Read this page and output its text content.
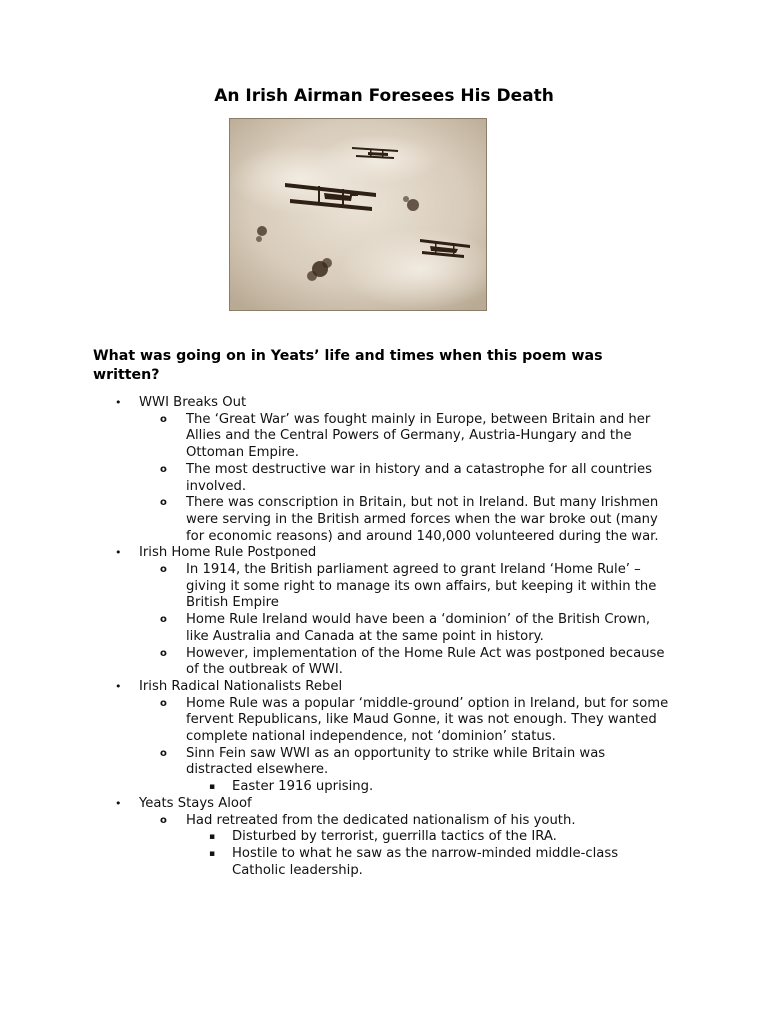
An Irish Airman Foresees His Death
What was going on in Yeats’ life and times when this poem was written?
• WWI Breaks Out
o The ‘Great War’ was fought mainly in Europe, between Britain and her Allies and the Central Powers of Germany, Austria-Hungary and the Ottoman Empire.
o The most destructive war in history and a catastrophe for all countries involved.
o There was conscription in Britain, but not in Ireland. But many Irishmen were serving in the British armed forces when the war broke out (many for economic reasons) and around 140,000 volunteered during the war.
• Irish Home Rule Postponed
o In 1914, the British parliament agreed to grant Ireland ‘Home Rule’ – giving it some right to manage its own affairs, but keeping it within the British Empire
o Home Rule Ireland would have been a ‘dominion’ of the British Crown, like Australia and Canada at the same point in history.
o However, implementation of the Home Rule Act was postponed because of the outbreak of WWI.
• Irish Radical Nationalists Rebel
o Home Rule was a popular ‘middle-ground’ option in Ireland, but for some fervent Republicans, like Maud Gonne, it was not enough. They wanted complete national independence, not ‘dominion’ status.
o Sinn Fein saw WWI as an opportunity to strike while Britain was distracted elsewhere.
▪ Easter 1916 uprising.
• Yeats Stays Aloof
o Had retreated from the dedicated nationalism of his youth.
▪ Disturbed by terrorist, guerrilla tactics of the IRA.
▪ Hostile to what he saw as the narrow-minded middle-class Catholic leadership.
